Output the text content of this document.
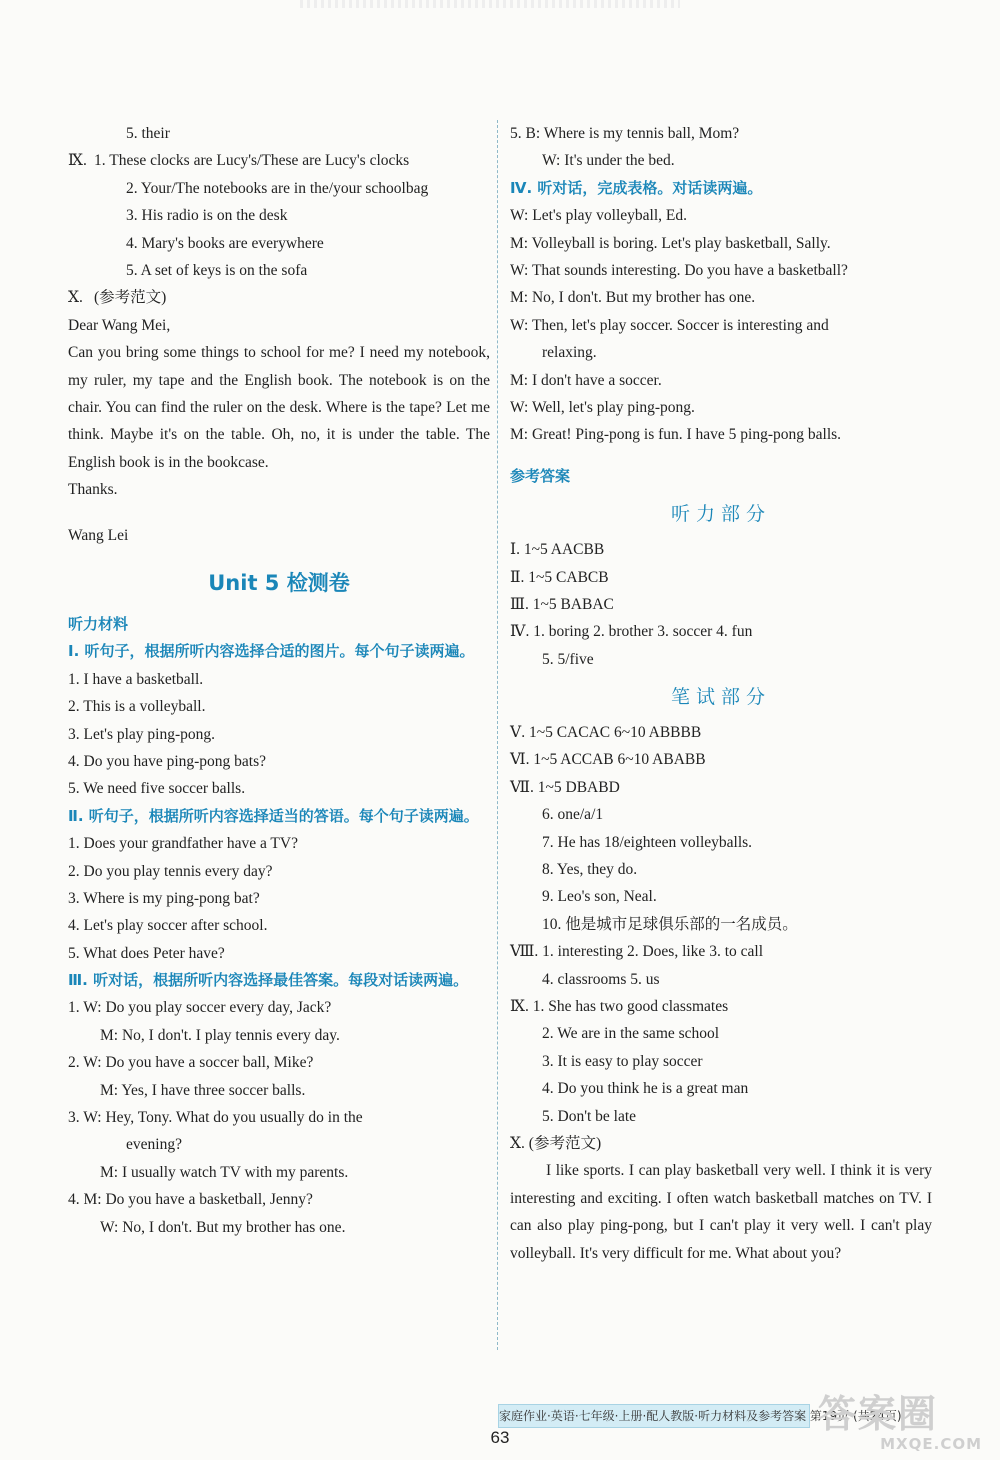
5. their
Ⅸ. 1. These clocks are Lucy's/These are Lucy's clocks
2. Your/The notebooks are in the/your schoolbag
3. His radio is on the desk
4. Mary's books are everywhere
5. A set of keys is on the sofa
Ⅹ. (参考范文)
Dear Wang Mei,
Can you bring some things to school for me? I need my notebook, my ruler, my tape and the English book. The notebook is on the chair. You can find the ruler on the desk. Where is the tape? Let me think. Maybe it's on the table. Oh, no, it is under the table. The English book is in the bookcase.
Thanks.
Wang Lei
Unit 5 检测卷
听力材料
Ⅰ. 听句子，根据所听内容选择合适的图片。每个句子读两遍。
1. I have a basketball.
2. This is a volleyball.
3. Let's play ping-pong.
4. Do you have ping-pong bats?
5. We need five soccer balls.
Ⅱ. 听句子，根据所听内容选择适当的答语。每个句子读两遍。
1. Does your grandfather have a TV?
2. Do you play tennis every day?
3. Where is my ping-pong bat?
4. Let's play soccer after school.
5. What does Peter have?
Ⅲ. 听对话，根据所听内容选择最佳答案。每段对话读两遍。
1. W: Do you play soccer every day, Jack?
M: No, I don't. I play tennis every day.
2. W: Do you have a soccer ball, Mike?
M: Yes, I have three soccer balls.
3. W: Hey, Tony. What do you usually do in the
evening?
M: I usually watch TV with my parents.
4. M: Do you have a basketball, Jenny?
W: No, I don't. But my brother has one.
5. B: Where is my tennis ball, Mom?
W: It's under the bed.
Ⅳ. 听对话，完成表格。对话读两遍。
W: Let's play volleyball, Ed.
M: Volleyball is boring. Let's play basketball, Sally.
W: That sounds interesting. Do you have a basketball?
M: No, I don't. But my brother has one.
W: Then, let's play soccer. Soccer is interesting and
relaxing.
M: I don't have a soccer.
W: Well, let's play ping-pong.
M: Great! Ping-pong is fun. I have 5 ping-pong balls.
参考答案
听力部分
Ⅰ. 1~5 AACBB
Ⅱ. 1~5 CABCB
Ⅲ. 1~5 BABAC
Ⅳ. 1. boring 2. brother 3. soccer 4. fun
5. 5/five
笔试部分
Ⅴ. 1~5 CACAC 6~10 ABBBB
Ⅵ. 1~5 ACCAB 6~10 ABABB
Ⅶ. 1~5 DBABD
6. one/a/1
7. He has 18/eighteen volleyballs.
8. Yes, they do.
9. Leo's son, Neal.
10. 他是城市足球俱乐部的一名成员。
Ⅷ. 1. interesting 2. Does, like 3. to call
4. classrooms 5. us
Ⅸ. 1. She has two good classmates
2. We are in the same school
3. It is easy to play soccer
4. Do you think he is a great man
5. Don't be late
Ⅹ. (参考范文)
I like sports. I can play basketball very well. I think it is very interesting and exciting. I often watch basketball matches on TV. I can also play ping-pong, but I can't play it very well. I can't play volleyball. It's very difficult for me. What about you?
家庭作业·英语·七年级·上册·配人教版·听力材料及参考答案 第19页 (共24页)
63
答案圈
MXQE.COM
